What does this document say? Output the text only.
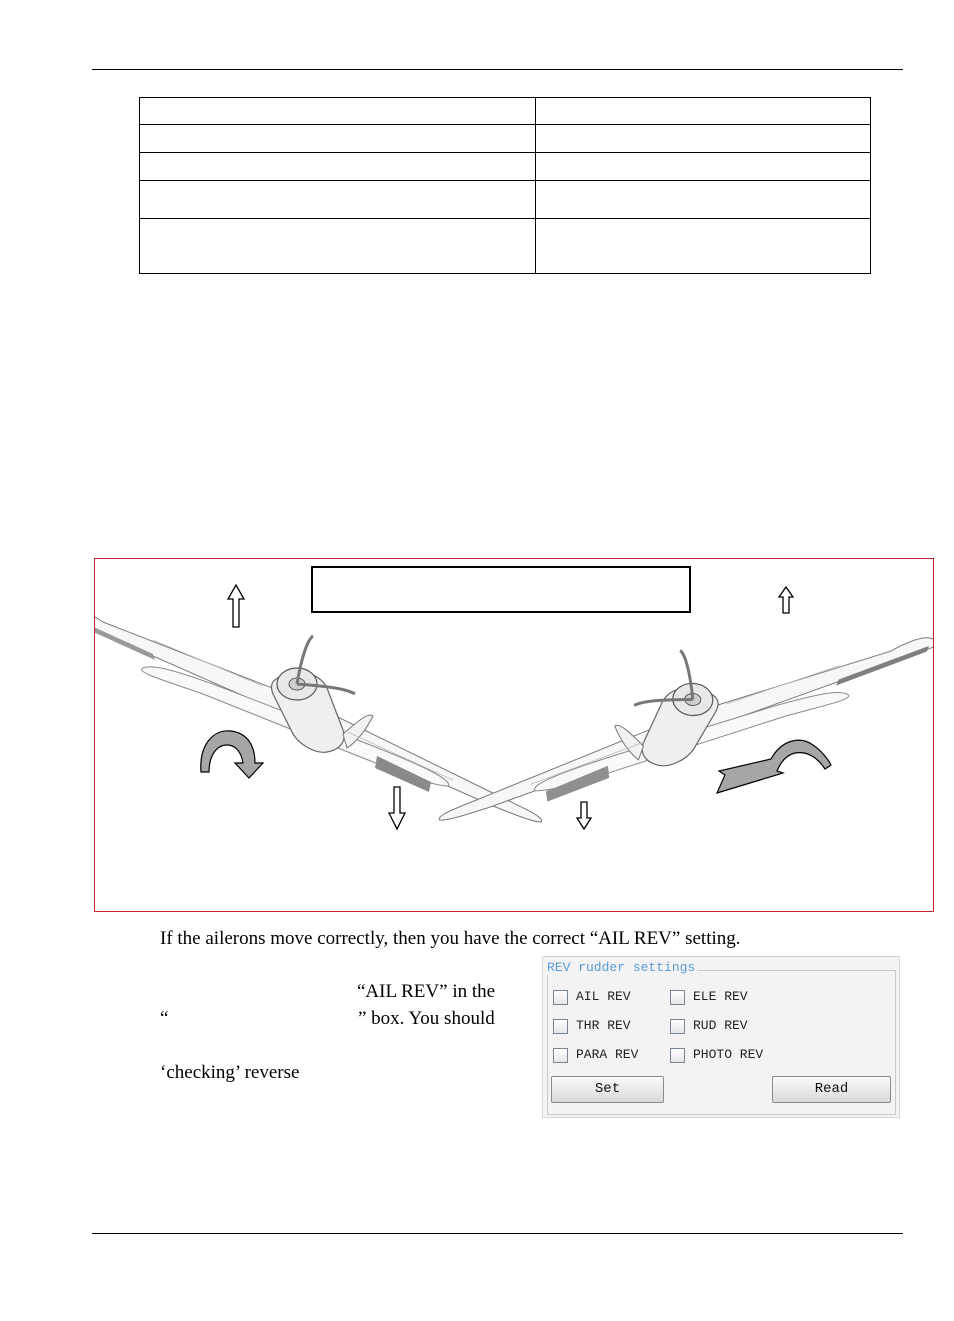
If the ailerons move correctly, then you have the correct “AIL REV” setting.
“AIL REV” in the
“	” box. You should
‘checking’ reverse
REV rudder settings
AIL REV	ELE REV
THR REV	RUD REV
PARA REV	PHOTO REV
Set	Read
